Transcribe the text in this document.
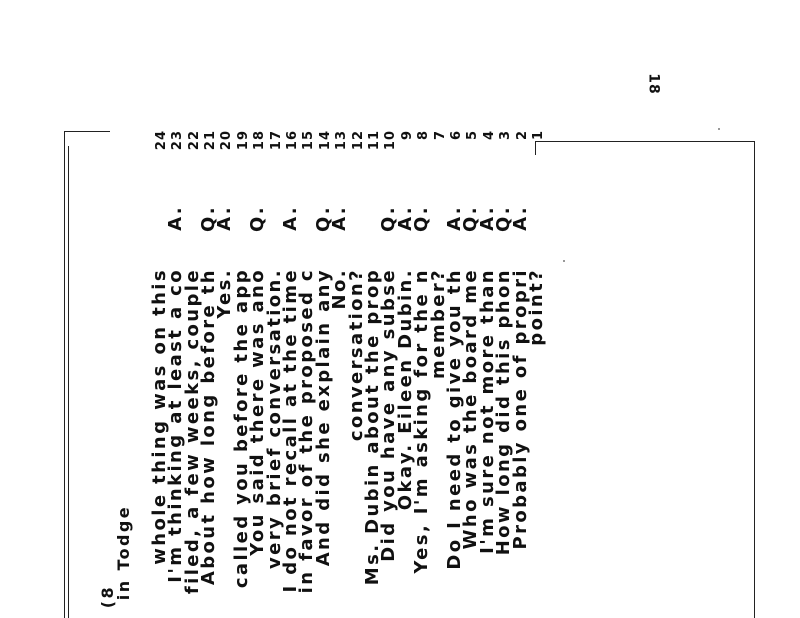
18
1
point?
2
A.
Probably one of propri
3
Q.
How long did this phon
4
A.
I'm sure not more than
5
Q.
Who was the board me
6
A.
Do I need to give you th
7
member?
8
Q.
Yes, I'm asking for the n
9
A.
Okay. Eileen Dubin.
10
Q.
Did you have any subse
11
Ms. Dubin about the prop
12
conversation?
13
A.
No.
14
Q.
And did she explain any
15
in favor of the proposed c
16
A.
I do not recall at the time
17
very brief conversation.
18
Q.
You said there was ano
19
called you before the app
20
A.
Yes.
21
Q.
About how long before th
22
filed, a few weeks, couple
23
A.
I'm thinking at least a co
24
whole thing was on this
in Todge
(8
